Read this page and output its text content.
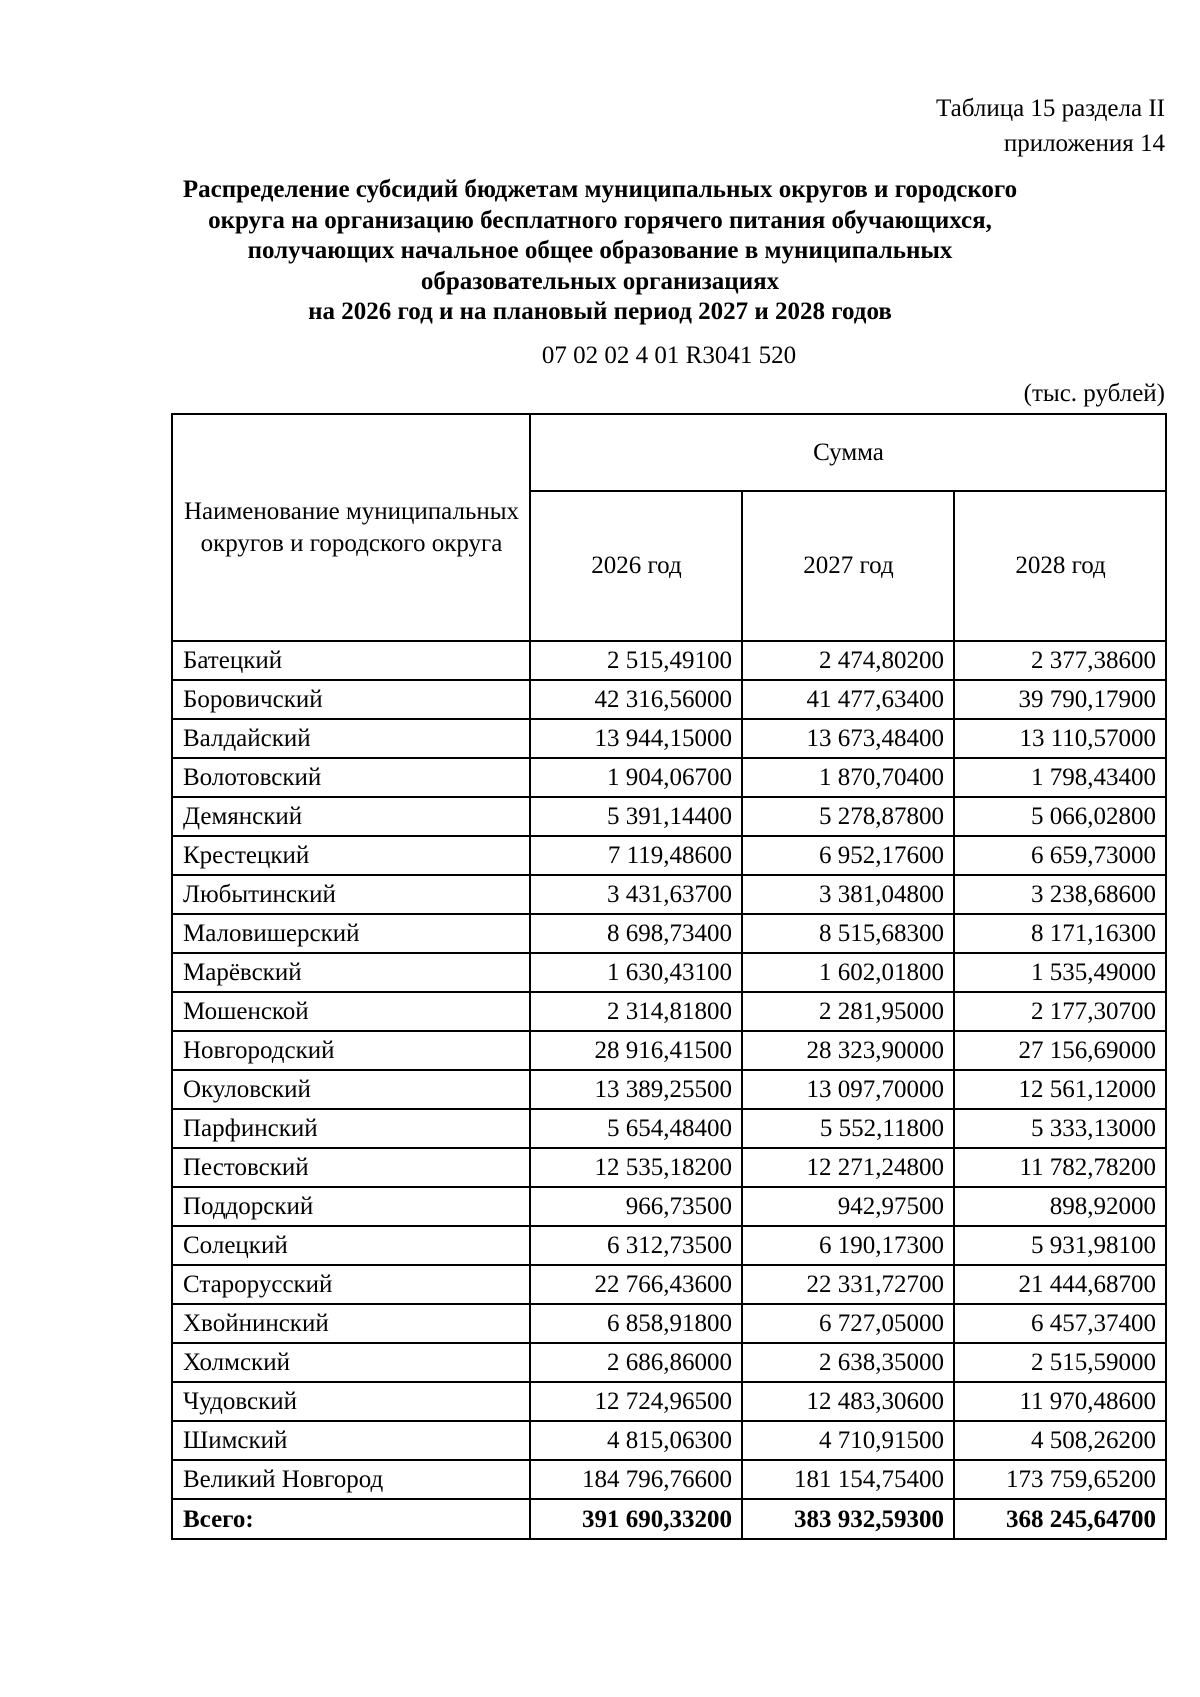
Таблица 15 раздела II
приложения 14
Распределение субсидий бюджетам муниципальных округов и городского
округа на организацию бесплатного горячего питания обучающихся,
получающих начальное общее образование в муниципальных
образовательных организациях
на 2026 год и на плановый период 2027 и 2028 годов
07 02 02 4 01 R3041 520
(тыс. рублей)
Наименование муниципальных округов и городского округа	Сумма		
	2026 год	2027 год	2028 год
Батецкий	2 515,49100	2 474,80200	2 377,38600
Боровичский	42 316,56000	41 477,63400	39 790,17900
Валдайский	13 944,15000	13 673,48400	13 110,57000
Волотовский	1 904,06700	1 870,70400	1 798,43400
Демянский	5 391,14400	5 278,87800	5 066,02800
Крестецкий	7 119,48600	6 952,17600	6 659,73000
Любытинский	3 431,63700	3 381,04800	3 238,68600
Маловишерский	8 698,73400	8 515,68300	8 171,16300
Марёвский	1 630,43100	1 602,01800	1 535,49000
Мошенской	2 314,81800	2 281,95000	2 177,30700
Новгородский	28 916,41500	28 323,90000	27 156,69000
Окуловский	13 389,25500	13 097,70000	12 561,12000
Парфинский	5 654,48400	5 552,11800	5 333,13000
Пестовский	12 535,18200	12 271,24800	11 782,78200
Поддорский	966,73500	942,97500	898,92000
Солецкий	6 312,73500	6 190,17300	5 931,98100
Старорусский	22 766,43600	22 331,72700	21 444,68700
Хвойнинский	6 858,91800	6 727,05000	6 457,37400
Холмский	2 686,86000	2 638,35000	2 515,59000
Чудовский	12 724,96500	12 483,30600	11 970,48600
Шимский	4 815,06300	4 710,91500	4 508,26200
Великий Новгород	184 796,76600	181 154,75400	173 759,65200
Всего:	391 690,33200	383 932,59300	368 245,64700
